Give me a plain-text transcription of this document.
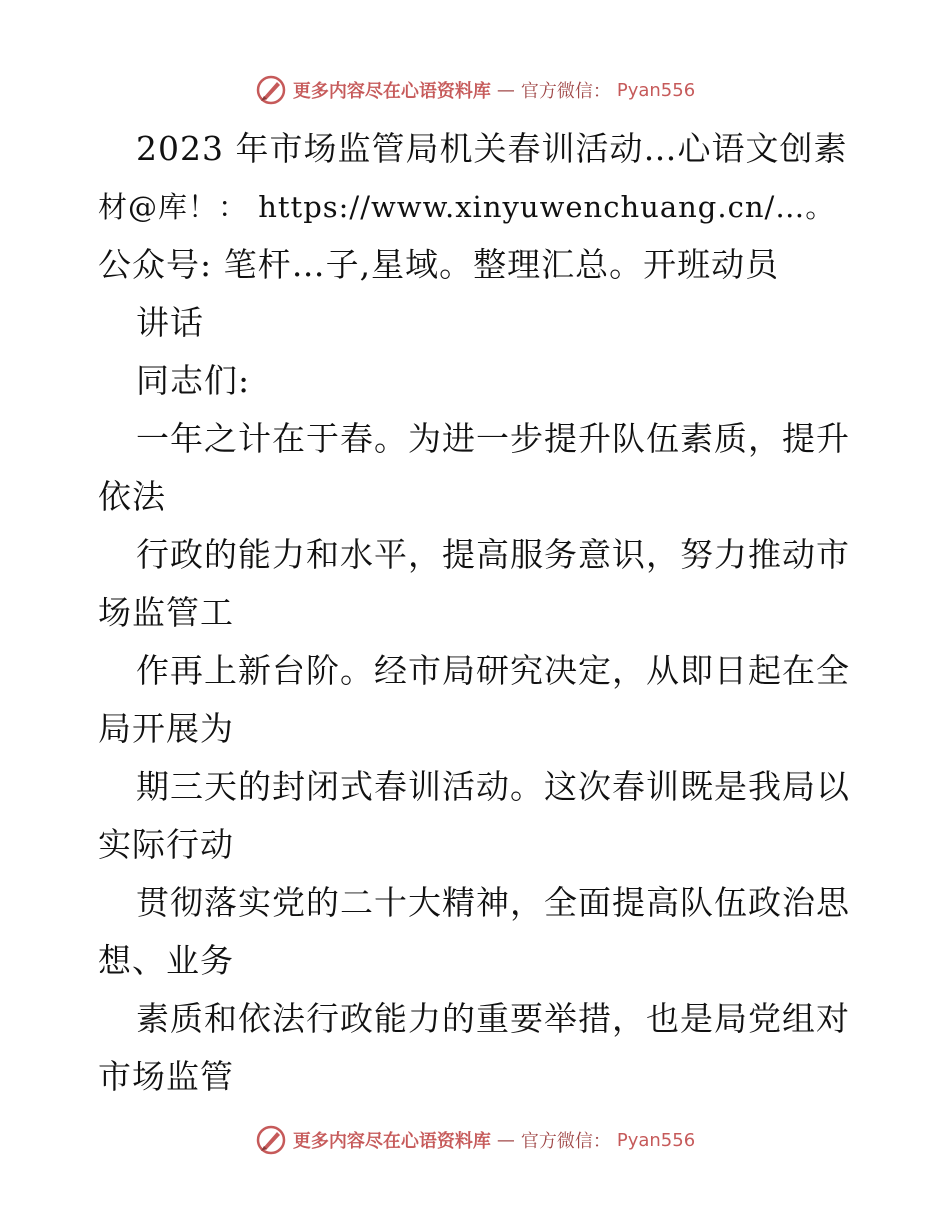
更多内容尽在心语资料库 — 官方微信： Pyan556
2023 年市场监管局机关春训活动…心语文创素
材@库！： https://www.xinyuwenchuang.cn/…。
公众号: 笔杆…子,星域。整理汇总。开班动员
讲话
同志们:
一年之计在于春。为进一步提升队伍素质，提升
依法
行政的能力和水平，提高服务意识，努力推动市
场监管工
作再上新台阶。经市局研究决定，从即日起在全
局开展为
期三天的封闭式春训活动。这次春训既是我局以
实际行动
贯彻落实党的二十大精神，全面提高队伍政治思
想、业务
素质和依法行政能力的重要举措，也是局党组对
市场监管
更多内容尽在心语资料库 — 官方微信： Pyan556
